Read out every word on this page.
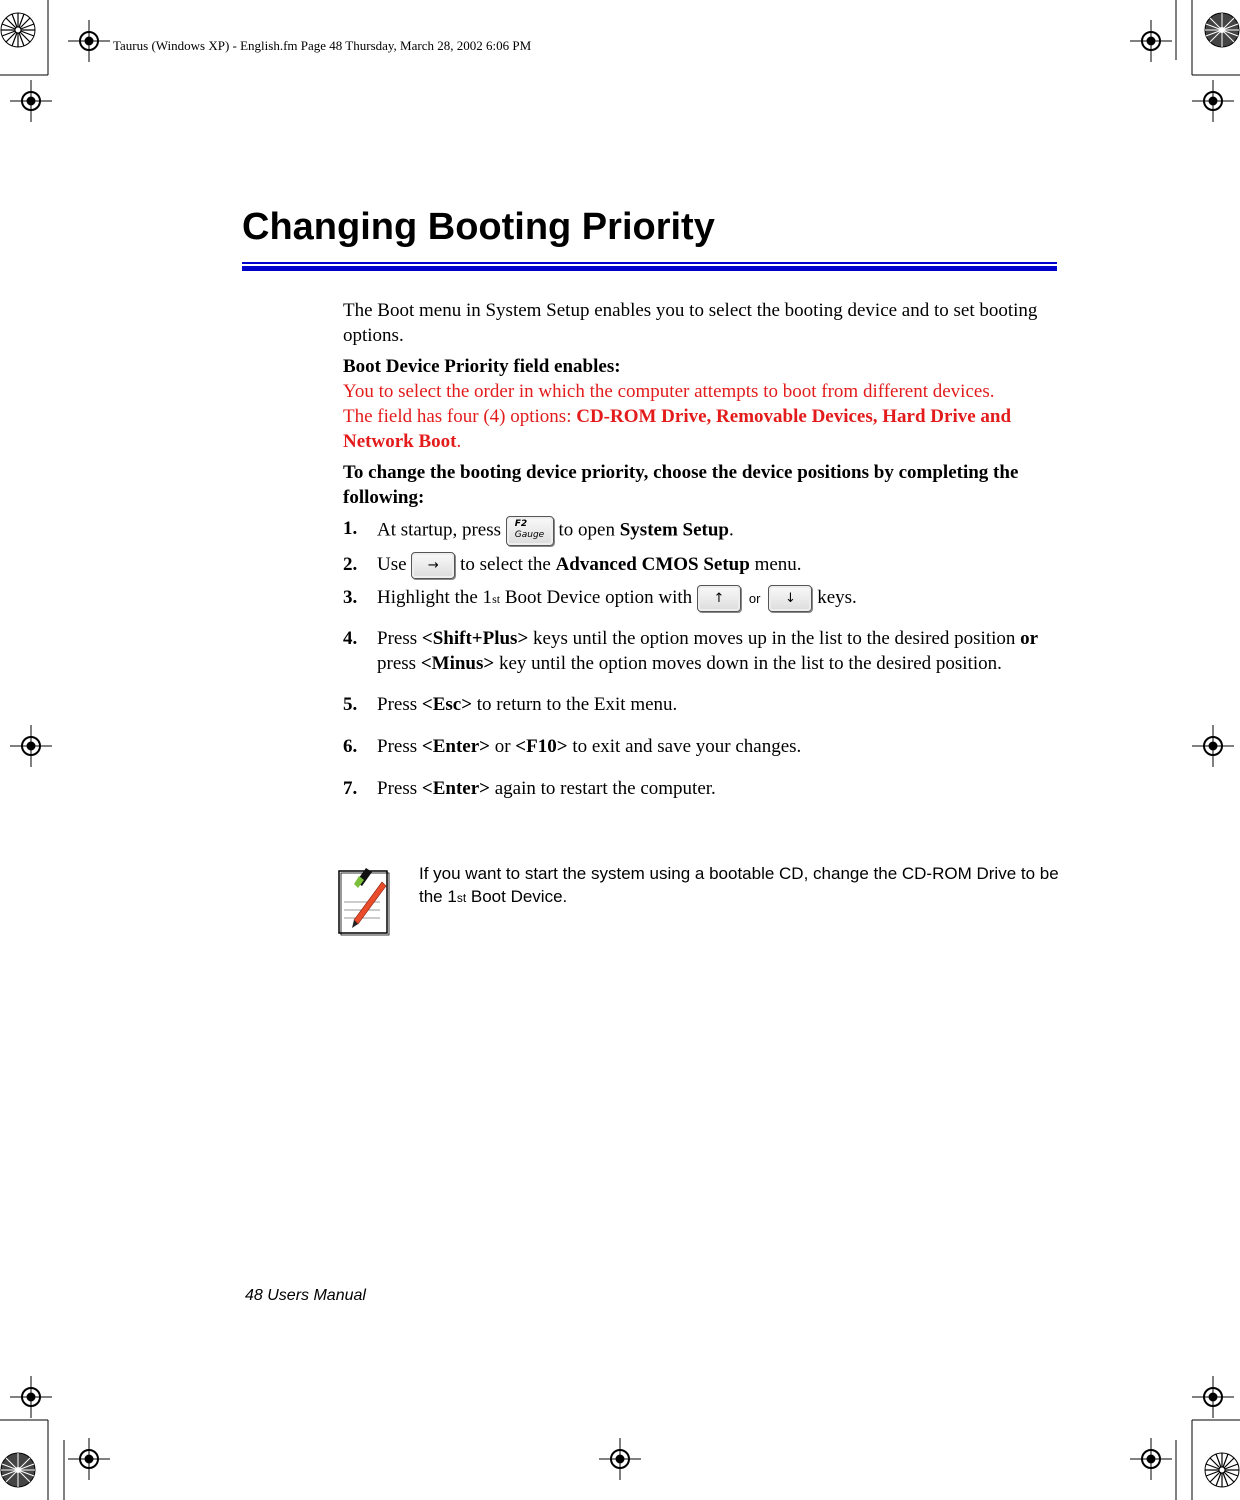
Taurus (Windows XP) - English.fm Page 48 Thursday, March 28, 2002 6:06 PM
Changing Booting Priority

The Boot menu in System Setup enables you to select the booting device and to set booting options.

Boot Device Priority field enables:

You to select the order in which the computer attempts to boot from different devices.

The field has four (4) options: CD-ROM Drive, Removable Devices, Hard Drive and Network Boot.

To change the booting device priority, choose the device positions by completing the following:

1. At startup, press F2
Gauge to open System Setup.

2. Use → to select the Advanced CMOS Setup menu.

3. Highlight the 1st Boot Device option with ↑ or ↓ keys.

4. Press <Shift+Plus> keys until the option moves up in the list to the desired position or press <Minus> key until the option moves down in the list to the desired position.

5. Press <Esc> to return to the Exit menu.

6. Press <Enter> or <F10> to exit and save your changes.

7. Press <Enter> again to restart the computer.

If you want to start the system using a bootable CD, change the CD-ROM Drive to be the 1st Boot Device.
48 Users Manual
